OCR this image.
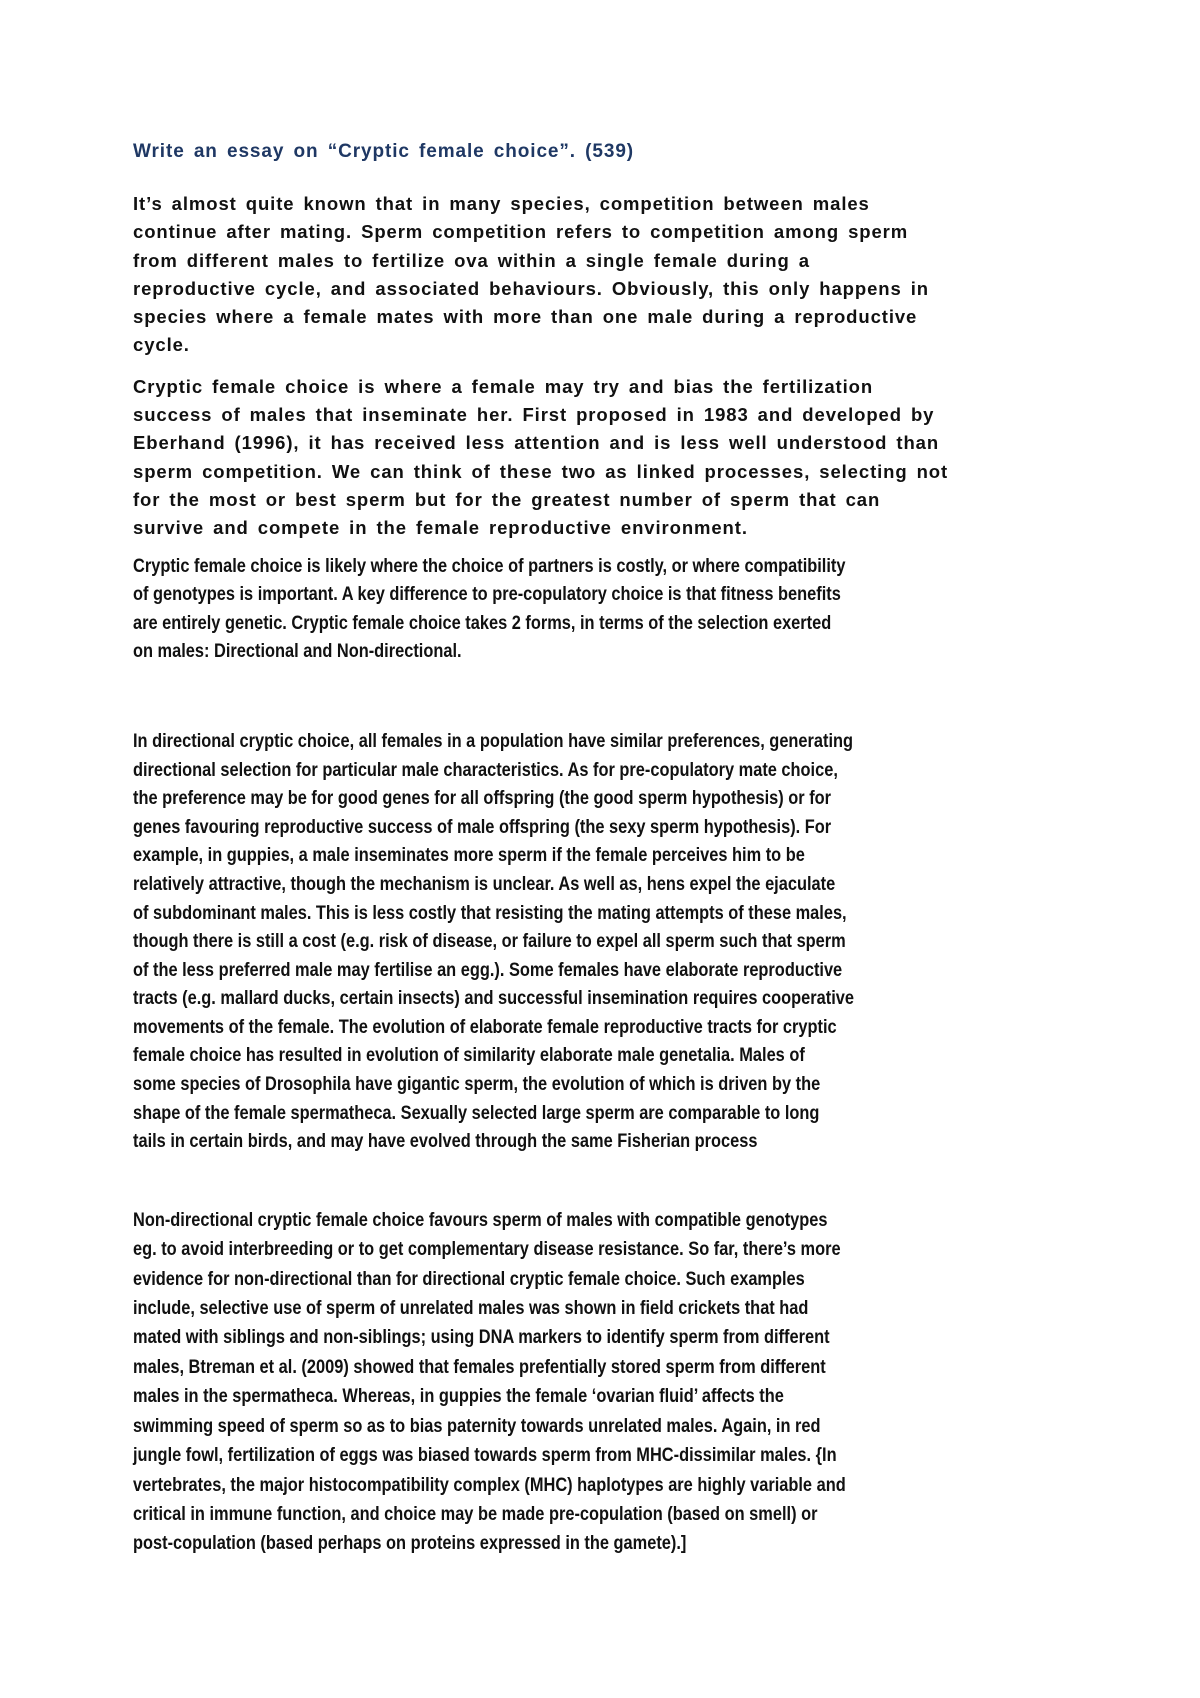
Write an essay on “Cryptic female choice”. (539)
It’s almost quite known that in many species, competition between males
continue after mating. Sperm competition refers to competition among sperm
from different males to fertilize ova within a single female during a
reproductive cycle, and associated behaviours. Obviously, this only happens in
species where a female mates with more than one male during a reproductive
cycle.
Cryptic female choice is where a female may try and bias the fertilization
success of males that inseminate her. First proposed in 1983 and developed by
Eberhand (1996), it has received less attention and is less well understood than
sperm competition. We can think of these two as linked processes, selecting not
for the most or best sperm but for the greatest number of sperm that can
survive and compete in the female reproductive environment.
Cryptic female choice is likely where the choice of partners is costly, or where compatibility
of genotypes is important. A key difference to pre-copulatory choice is that fitness benefits
are entirely genetic. Cryptic female choice takes 2 forms, in terms of the selection exerted
on males: Directional and Non-directional.
In directional cryptic choice, all females in a population have similar preferences, generating
directional selection for particular male characteristics. As for pre-copulatory mate choice,
the preference may be for good genes for all offspring (the good sperm hypothesis) or for
genes favouring reproductive success of male offspring (the sexy sperm hypothesis). For
example, in guppies, a male inseminates more sperm if the female perceives him to be
relatively attractive, though the mechanism is unclear. As well as, hens expel the ejaculate
of subdominant males. This is less costly that resisting the mating attempts of these males,
though there is still a cost (e.g. risk of disease, or failure to expel all sperm such that sperm
of the less preferred male may fertilise an egg.). Some females have elaborate reproductive
tracts (e.g. mallard ducks, certain insects) and successful insemination requires cooperative
movements of the female. The evolution of elaborate female reproductive tracts for cryptic
female choice has resulted in evolution of similarity elaborate male genetalia. Males of
some species of Drosophila have gigantic sperm, the evolution of which is driven by the
shape of the female spermatheca. Sexually selected large sperm are comparable to long
tails in certain birds, and may have evolved through the same Fisherian process
Non-directional cryptic female choice favours sperm of males with compatible genotypes
eg. to avoid interbreeding or to get complementary disease resistance. So far, there’s more
evidence for non-directional than for directional cryptic female choice. Such examples
include, selective use of sperm of unrelated males was shown in field crickets that had
mated with siblings and non-siblings; using DNA markers to identify sperm from different
males, Btreman et al. (2009) showed that females prefentially stored sperm from different
males in the spermatheca. Whereas, in guppies the female ‘ovarian fluid’ affects the
swimming speed of sperm so as to bias paternity towards unrelated males. Again, in red
jungle fowl, fertilization of eggs was biased towards sperm from MHC-dissimilar males. {In
vertebrates, the major histocompatibility complex (MHC) haplotypes are highly variable and
critical in immune function, and choice may be made pre-copulation (based on smell) or
post-copulation (based perhaps on proteins expressed in the gamete).]
